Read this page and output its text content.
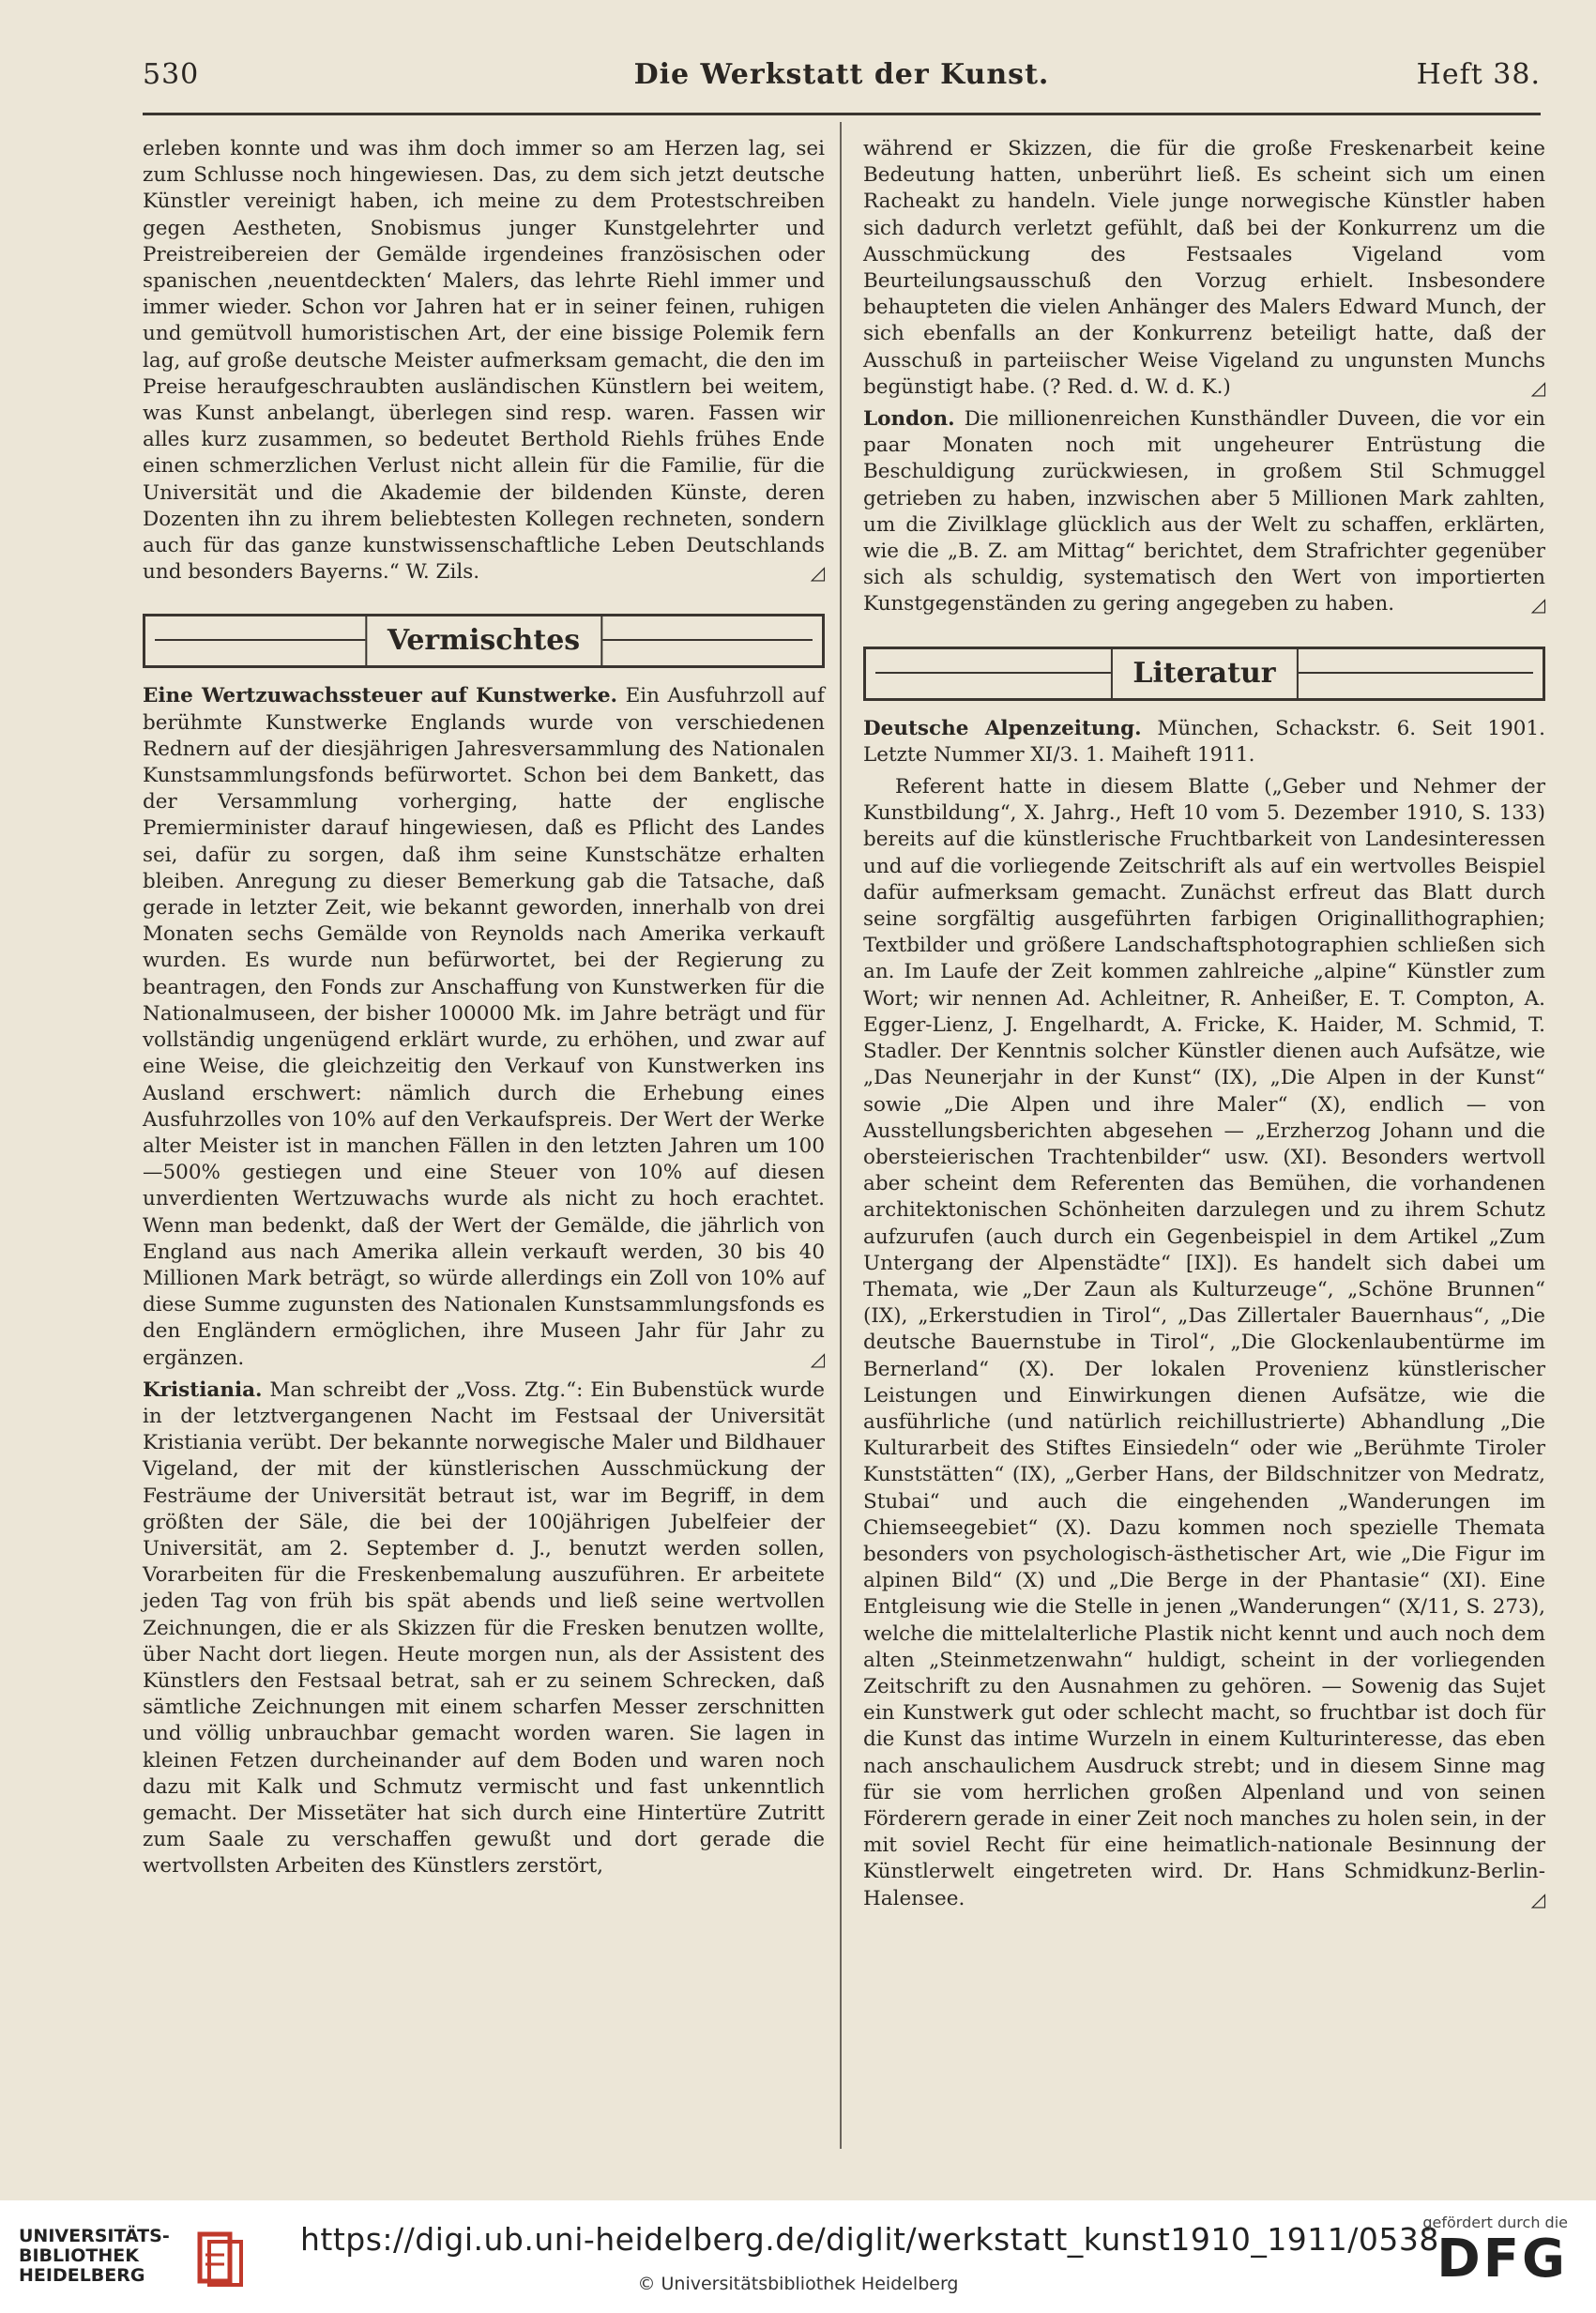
530	Die Werkstatt der Kunst.	Heft 38.

erleben konnte und was ihm doch immer so am Herzen lag, sei zum Schlusse noch hingewiesen. Das, zu dem sich jetzt deutsche Künstler vereinigt haben, ich meine zu dem Protestschreiben gegen Aestheten, Snobismus junger Kunstgelehrter und Preistreibereien der Gemälde irgendeines französischen oder spanischen ‚neuentdeckten‘ Malers, das lehrte Riehl immer und immer wieder. Schon vor Jahren hat er in seiner feinen, ruhigen und gemütvoll humoristischen Art, der eine bissige Polemik fern lag, auf große deutsche Meister aufmerksam gemacht, die den im Preise heraufgeschraubten ausländischen Künstlern bei weitem, was Kunst anbelangt, überlegen sind resp. waren. Fassen wir alles kurz zusammen, so bedeutet Berthold Riehls frühes Ende einen schmerzlichen Verlust nicht allein für die Familie, für die Universität und die Akademie der bildenden Künste, deren Dozenten ihn zu ihrem beliebtesten Kollegen rechneten, sondern auch für das ganze kunstwissenschaftliche Leben Deutschlands und besonders Bayerns.“ W. Zils.	◿

Vermischtes

Eine Wertzuwachssteuer auf Kunstwerke. Ein Ausfuhrzoll auf berühmte Kunstwerke Englands wurde von verschiedenen Rednern auf der diesjährigen Jahresversammlung des Nationalen Kunstsammlungsfonds befürwortet. Schon bei dem Bankett, das der Versammlung vorherging, hatte der englische Premierminister darauf hingewiesen, daß es Pflicht des Landes sei, dafür zu sorgen, daß ihm seine Kunstschätze erhalten bleiben. Anregung zu dieser Bemerkung gab die Tatsache, daß gerade in letzter Zeit, wie bekannt geworden, innerhalb von drei Monaten sechs Gemälde von Reynolds nach Amerika verkauft wurden. Es wurde nun befürwortet, bei der Regierung zu beantragen, den Fonds zur Anschaffung von Kunstwerken für die Nationalmuseen, der bisher 100000 Mk. im Jahre beträgt und für vollständig ungenügend erklärt wurde, zu erhöhen, und zwar auf eine Weise, die gleichzeitig den Verkauf von Kunstwerken ins Ausland erschwert: nämlich durch die Erhebung eines Ausfuhrzolles von 10% auf den Verkaufspreis. Der Wert der Werke alter Meister ist in manchen Fällen in den letzten Jahren um 100—500% gestiegen und eine Steuer von 10% auf diesen unverdienten Wertzuwachs wurde als nicht zu hoch erachtet. Wenn man bedenkt, daß der Wert der Gemälde, die jährlich von England aus nach Amerika allein verkauft werden, 30 bis 40 Millionen Mark beträgt, so würde allerdings ein Zoll von 10% auf diese Summe zugunsten des Nationalen Kunstsammlungsfonds es den Engländern ermöglichen, ihre Museen Jahr für Jahr zu ergänzen.	◿

Kristiania. Man schreibt der „Voss. Ztg.“: Ein Bubenstück wurde in der letztvergangenen Nacht im Festsaal der Universität Kristiania verübt. Der bekannte norwegische Maler und Bildhauer Vigeland, der mit der künstlerischen Ausschmückung der Festräume der Universität betraut ist, war im Begriff, in dem größten der Säle, die bei der 100jährigen Jubelfeier der Universität, am 2. September d. J., benutzt werden sollen, Vorarbeiten für die Freskenbemalung auszuführen. Er arbeitete jeden Tag von früh bis spät abends und ließ seine wertvollen Zeichnungen, die er als Skizzen für die Fresken benutzen wollte, über Nacht dort liegen. Heute morgen nun, als der Assistent des Künstlers den Festsaal betrat, sah er zu seinem Schrecken, daß sämtliche Zeichnungen mit einem scharfen Messer zerschnitten und völlig unbrauchbar gemacht worden waren. Sie lagen in kleinen Fetzen durcheinander auf dem Boden und waren noch dazu mit Kalk und Schmutz vermischt und fast unkenntlich gemacht. Der Missetäter hat sich durch eine Hintertüre Zutritt zum Saale zu verschaffen gewußt und dort gerade die wertvollsten Arbeiten des Künstlers zerstört,

während er Skizzen, die für die große Freskenarbeit keine Bedeutung hatten, unberührt ließ. Es scheint sich um einen Racheakt zu handeln. Viele junge norwegische Künstler haben sich dadurch verletzt gefühlt, daß bei der Konkurrenz um die Ausschmückung des Festsaales Vigeland vom Beurteilungsausschuß den Vorzug erhielt. Insbesondere behaupteten die vielen Anhänger des Malers Edward Munch, der sich ebenfalls an der Konkurrenz beteiligt hatte, daß der Ausschuß in parteiischer Weise Vigeland zu ungunsten Munchs begünstigt habe. (? Red. d. W. d. K.)	◿

London. Die millionenreichen Kunsthändler Duveen, die vor ein paar Monaten noch mit ungeheurer Entrüstung die Beschuldigung zurückwiesen, in großem Stil Schmuggel getrieben zu haben, inzwischen aber 5 Millionen Mark zahlten, um die Zivilklage glücklich aus der Welt zu schaffen, erklärten, wie die „B. Z. am Mittag“ berichtet, dem Strafrichter gegenüber sich als schuldig, systematisch den Wert von importierten Kunstgegenständen zu gering angegeben zu haben.	◿

Literatur

Deutsche Alpenzeitung. München, Schackstr. 6. Seit 1901. Letzte Nummer XI/3. 1. Maiheft 1911.

Referent hatte in diesem Blatte („Geber und Nehmer der Kunstbildung“, X. Jahrg., Heft 10 vom 5. Dezember 1910, S. 133) bereits auf die künstlerische Fruchtbarkeit von Landesinteressen und auf die vorliegende Zeitschrift als auf ein wertvolles Beispiel dafür aufmerksam gemacht. Zunächst erfreut das Blatt durch seine sorgfältig ausgeführten farbigen Originallithographien; Textbilder und größere Landschaftsphotographien schließen sich an. Im Laufe der Zeit kommen zahlreiche „alpine“ Künstler zum Wort; wir nennen Ad. Achleitner, R. Anheißer, E. T. Compton, A. Egger-Lienz, J. Engelhardt, A. Fricke, K. Haider, M. Schmid, T. Stadler. Der Kenntnis solcher Künstler dienen auch Aufsätze, wie „Das Neunerjahr in der Kunst“ (IX), „Die Alpen in der Kunst“ sowie „Die Alpen und ihre Maler“ (X), endlich — von Ausstellungsberichten abgesehen — „Erzherzog Johann und die obersteierischen Trachtenbilder“ usw. (XI). Besonders wertvoll aber scheint dem Referenten das Bemühen, die vorhandenen architektonischen Schönheiten darzulegen und zu ihrem Schutz aufzurufen (auch durch ein Gegenbeispiel in dem Artikel „Zum Untergang der Alpenstädte“ [IX]). Es handelt sich dabei um Themata, wie „Der Zaun als Kulturzeuge“, „Schöne Brunnen“ (IX), „Erkerstudien in Tirol“, „Das Zillertaler Bauernhaus“, „Die deutsche Bauernstube in Tirol“, „Die Glockenlaubentürme im Bernerland“ (X). Der lokalen Provenienz künstlerischer Leistungen und Einwirkungen dienen Aufsätze, wie die ausführliche (und natürlich reichillustrierte) Abhandlung „Die Kulturarbeit des Stiftes Einsiedeln“ oder wie „Berühmte Tiroler Kunststätten“ (IX), „Gerber Hans, der Bildschnitzer von Medratz, Stubai“ und auch die eingehenden „Wanderungen im Chiemseegebiet“ (X). Dazu kommen noch spezielle Themata besonders von psychologisch-ästhetischer Art, wie „Die Figur im alpinen Bild“ (X) und „Die Berge in der Phantasie“ (XI). Eine Entgleisung wie die Stelle in jenen „Wanderungen“ (X/11, S. 273), welche die mittelalterliche Plastik nicht kennt und auch noch dem alten „Steinmetzenwahn“ huldigt, scheint in der vorliegenden Zeitschrift zu den Ausnahmen zu gehören. — Sowenig das Sujet ein Kunstwerk gut oder schlecht macht, so fruchtbar ist doch für die Kunst das intime Wurzeln in einem Kulturinteresse, das eben nach anschaulichem Ausdruck strebt; und in diesem Sinne mag für sie vom herrlichen großen Alpenland und von seinen Förderern gerade in einer Zeit noch manches zu holen sein, in der mit soviel Recht für eine heimatlich-nationale Besinnung der Künstlerwelt eingetreten wird. Dr. Hans Schmidkunz-Berlin-Halensee.	◿

UNIVERSITÄTS-
BIBLIOTHEK
HEIDELBERG
https://digi.ub.uni-heidelberg.de/diglit/werkstatt_kunst1910_1911/0538
© Universitätsbibliothek Heidelberg
gefördert durch die
DFG
